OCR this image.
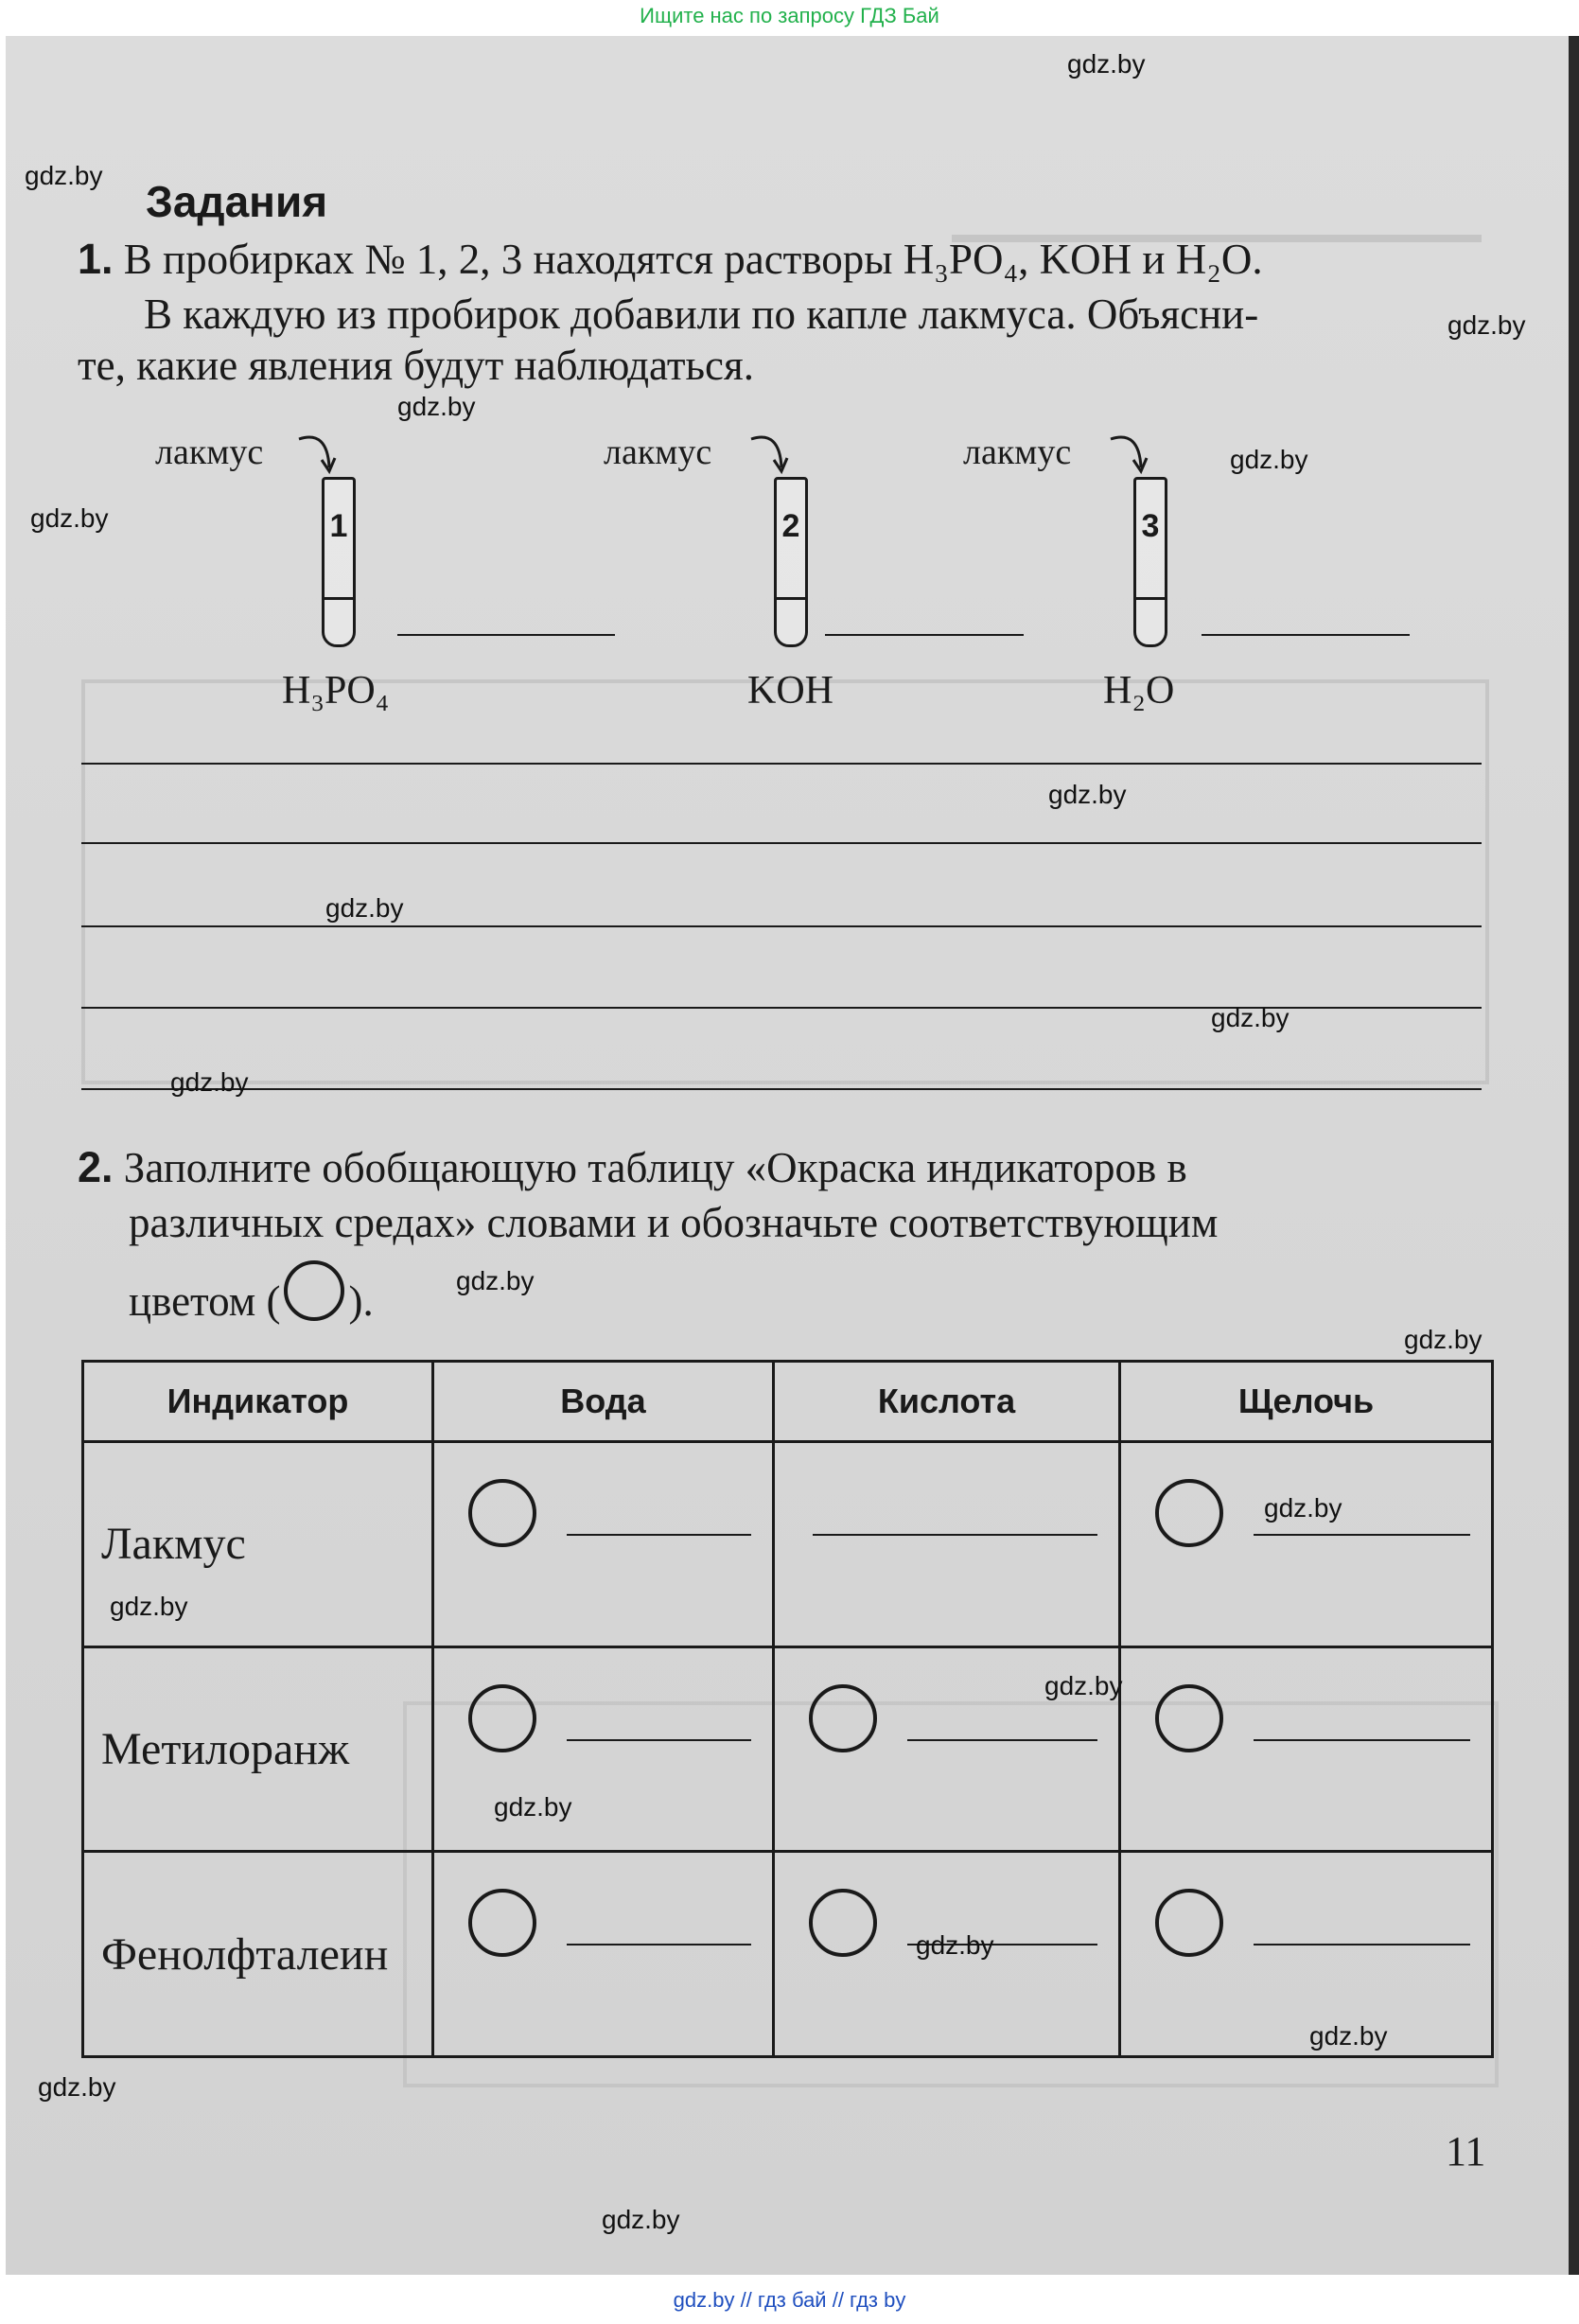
Ищите нас по запросу ГДЗ Бай
Задания
1. В пробирках № 1, 2, 3 находятся растворы H₃PO₄, KOH и H₂O.
В каждую из пробирок добавили по капле лакмуса. Объясни-
те, какие явления будут наблюдаться.
лакмус
1
H₃PO₄
лакмус
2
KOH
лакмус
3
H₂O
2. Заполните обобщающую таблицу «Окраска индикаторов в
различных средах» словами и обозначьте соответствующим
цветом ( ).
Индикатор	Вода	Кислота	Щелочь
Лакмус	

Метилоранж	

Фенолфталеин	

11
gdz.by
gdz.by
gdz.by
gdz.by
gdz.by
gdz.by
gdz.by
gdz.by
gdz.by
gdz.by
gdz.by
gdz.by
gdz.by
gdz.by
gdz.by
gdz.by
gdz.by
gdz.by
gdz.by
gdz.by
gdz.by // гдз бай // гдз by
